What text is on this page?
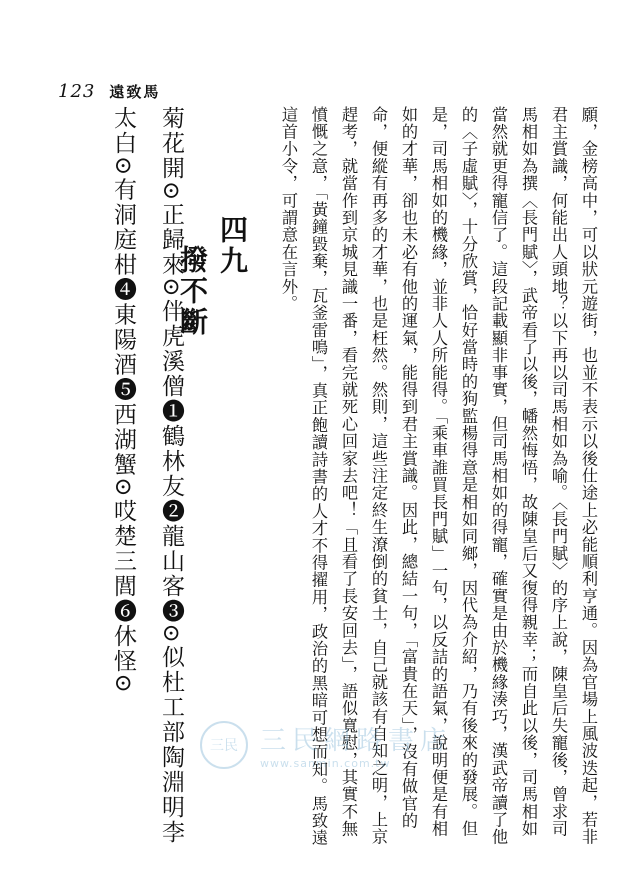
123 遠致馬

願，金榜高中，可以狀元遊街，也並不表示以後仕途上必能順利亨通。因為官場上風波迭起，若非君主賞識，何能出人頭地？以下再以司馬相如為喻。〈長門賦〉的序上說，陳皇后失寵後，曾求司馬相如為撰〈長門賦〉，武帝看了以後，幡然悔悟，故陳皇后又復得親幸；而自此以後，司馬相如當然就更得寵信了。這段記載顯非事實，但司馬相如的得寵，確實是由於機緣湊巧，漢武帝讀了他的〈子虛賦〉，十分欣賞，恰好當時的狗監楊得意是相如同鄉，因代為介紹，乃有後來的發展。但是，司馬相如的機緣，並非人人所能得。「乘車誰買長門賦」一句，以反詰的語氣，說明便是有相如的才華，卻也未必有他的運氣，能得到君主賞識。因此，總結一句，「富貴在天」，沒有做官的命，便縱有再多的才華，也是枉然。然則，這些注定終生潦倒的貧士，自己就該有自知之明，上京趕考，就當作到京城見識一番，看完就死心回家去吧！「且看了長安回去」，語似寬慰，其實不無憤慨之意，「黃鐘毀棄，瓦釜雷鳴」，真正飽讀詩書的人才不得擢用，政治的黑暗可想而知。馬致遠這首小令，可謂意在言外。

四九
撥不斷

菊花開⊙正歸來⊙伴虎溪僧❶鶴林友❷龍山客❸⊙似杜工部陶淵明李

太白⊙有洞庭柑❹東陽酒❺西湖蟹⊙哎楚三閭❻休怪⊙

三民 三民網路書店
www.sanmin.com.tw
